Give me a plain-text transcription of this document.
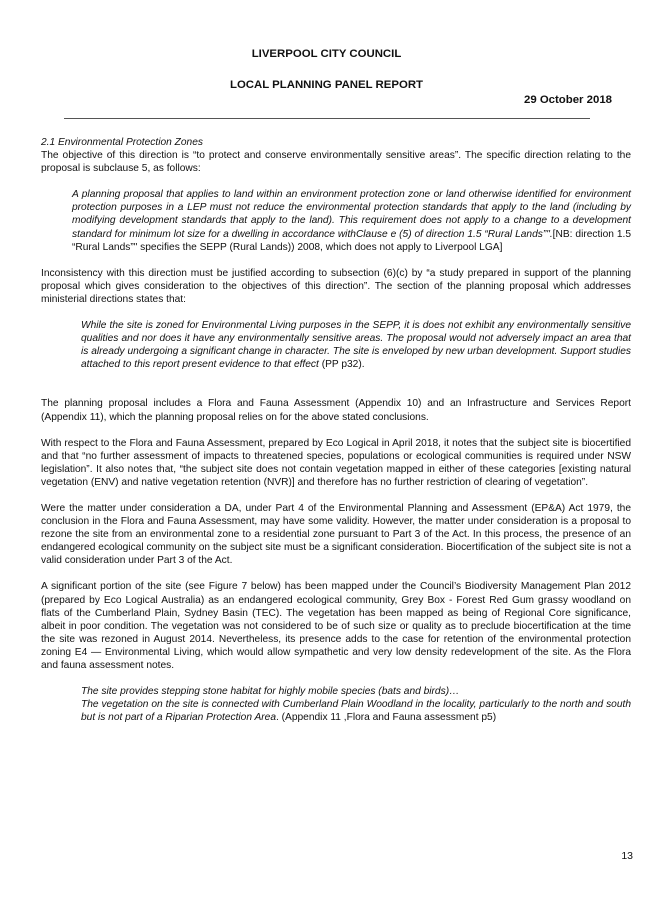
LIVERPOOL CITY COUNCIL
LOCAL PLANNING PANEL REPORT
29 October 2018

2.1 Environmental Protection Zones

The objective of this direction is “to protect and conserve environmentally sensitive areas”. The specific direction relating to the proposal is subclause 5, as follows:

A planning proposal that applies to land within an environment protection zone or land otherwise identified for environment protection purposes in a LEP must not reduce the environmental protection standards that apply to the land (including by modifying development standards that apply to the land). This requirement does not apply to a change to a development standard for minimum lot size for a dwelling in accordance withClause e (5) of direction 1.5 “Rural Lands”".[NB: direction 1.5 “Rural Lands”" specifies the SEPP (Rural Lands)) 2008, which does not apply to Liverpool LGA]

Inconsistency with this direction must be justified according to subsection (6)(c) by “a study prepared in support of the planning proposal which gives consideration to the objectives of this direction”. The section of the planning proposal which addresses ministerial directions states that:

While the site is zoned for Environmental Living purposes in the SEPP, it is does not exhibit any environmentally sensitive qualities and nor does it have any environmentally sensitive areas. The proposal would not adversely impact an area that is already undergoing a significant change in character. The site is enveloped by new urban development. Support studies attached to this report present evidence to that effect (PP p32).

The planning proposal includes a Flora and Fauna Assessment (Appendix 10) and an Infrastructure and Services Report (Appendix 11), which the planning proposal relies on for the above stated conclusions.

With respect to the Flora and Fauna Assessment, prepared by Eco Logical in April 2018, it notes that the subject site is biocertified and that “no further assessment of impacts to threatened species, populations or ecological communities is required under NSW legislation”. It also notes that, “the subject site does not contain vegetation mapped in either of these categories [existing natural vegetation (ENV) and native vegetation retention (NVR)] and therefore has no further restriction of clearing of vegetation”.

Were the matter under consideration a DA, under Part 4 of the Environmental Planning and Assessment (EP&A) Act 1979, the conclusion in the Flora and Fauna Assessment, may have some validity. However, the matter under consideration is a proposal to rezone the site from an environmental zone to a residential zone pursuant to Part 3 of the Act. In this process, the presence of an endangered ecological community on the subject site must be a significant consideration. Biocertification of the subject site is not a valid consideration under Part 3 of the Act.

A significant portion of the site (see Figure 7 below) has been mapped under the Council’s Biodiversity Management Plan 2012 (prepared by Eco Logical Australia) as an endangered ecological community, Grey Box - Forest Red Gum grassy woodland on flats of the Cumberland Plain, Sydney Basin (TEC). The vegetation has been mapped as being of Regional Core significance, albeit in poor condition. The vegetation was not considered to be of such size or quality as to preclude biocertification at the time the site was rezoned in August 2014. Nevertheless, its presence adds to the case for retention of the environmental protection zoning E4 — Environmental Living, which would allow sympathetic and very low density redevelopment of the site. As the Flora and fauna assessment notes.

The site provides stepping stone habitat for highly mobile species (bats and birds)…

The vegetation on the site is connected with Cumberland Plain Woodland in the locality, particularly to the north and south but is not part of a Riparian Protection Area. (Appendix 11 ,Flora and Fauna assessment p5)

13
